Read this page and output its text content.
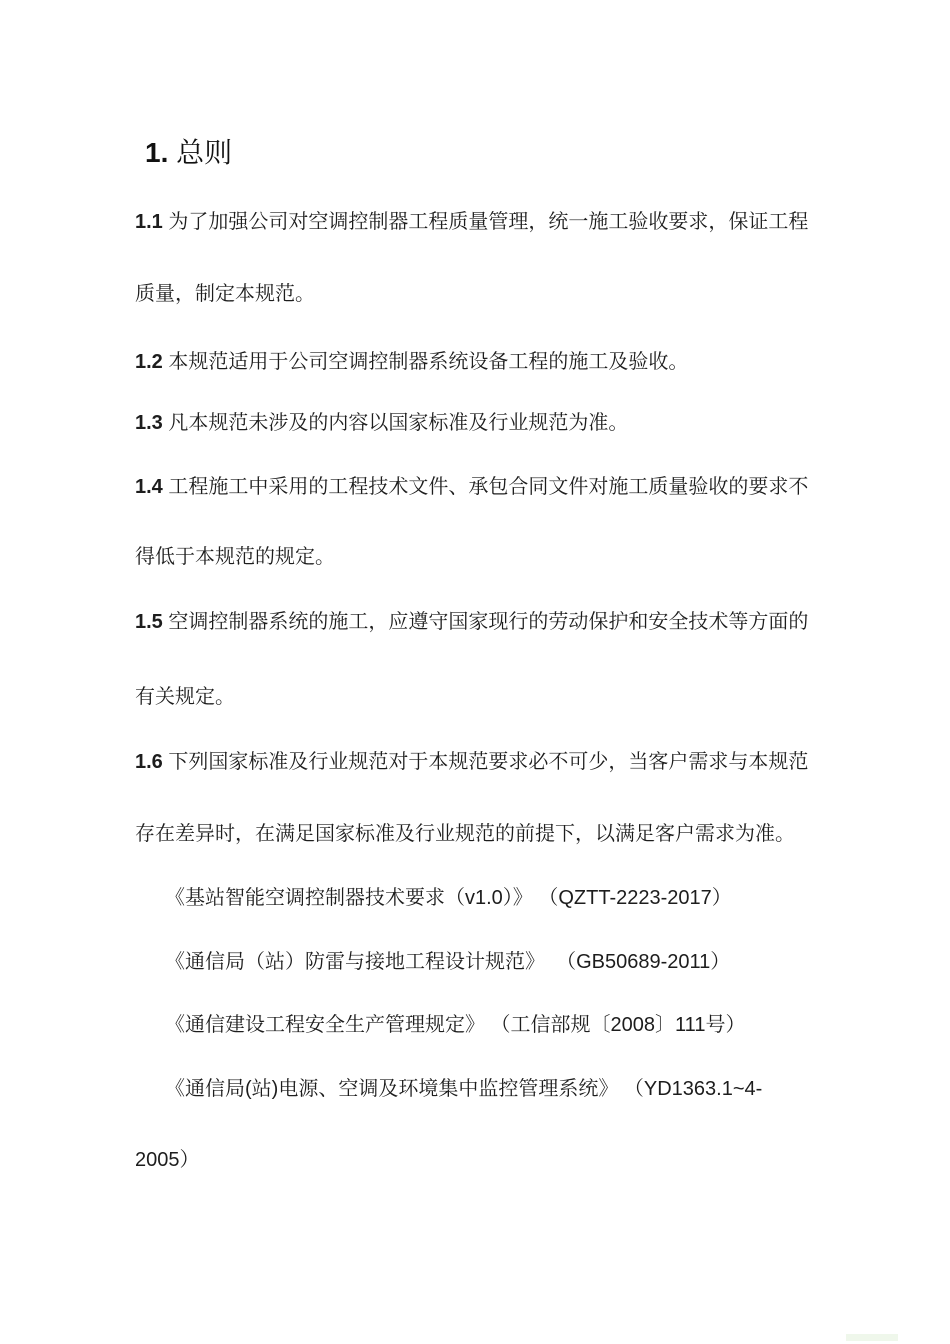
1. 总则
1.1 为了加强公司对空调控制器工程质量管理，统一施工验收要求，保证工程
质量，制定本规范。
1.2 本规范适用于公司空调控制器系统设备工程的施工及验收。
1.3 凡本规范未涉及的内容以国家标准及行业规范为准。
1.4 工程施工中采用的工程技术文件、承包合同文件对施工质量验收的要求不
得低于本规范的规定。
1.5 空调控制器系统的施工，应遵守国家现行的劳动保护和安全技术等方面的
有关规定。
1.6 下列国家标准及行业规范对于本规范要求必不可少，当客户需求与本规范
存在差异时，在满足国家标准及行业规范的前提下，以满足客户需求为准。
《基站智能空调控制器技术要求（v1.0）》 （QZTT-2223-2017）
《通信局（站）防雷与接地工程设计规范》  （GB50689-2011）
《通信建设工程安全生产管理规定》 （工信部规〔2008〕111号）
《通信局(站)电源、空调及环境集中监控管理系统》 （YD1363.1~4-
2005）
